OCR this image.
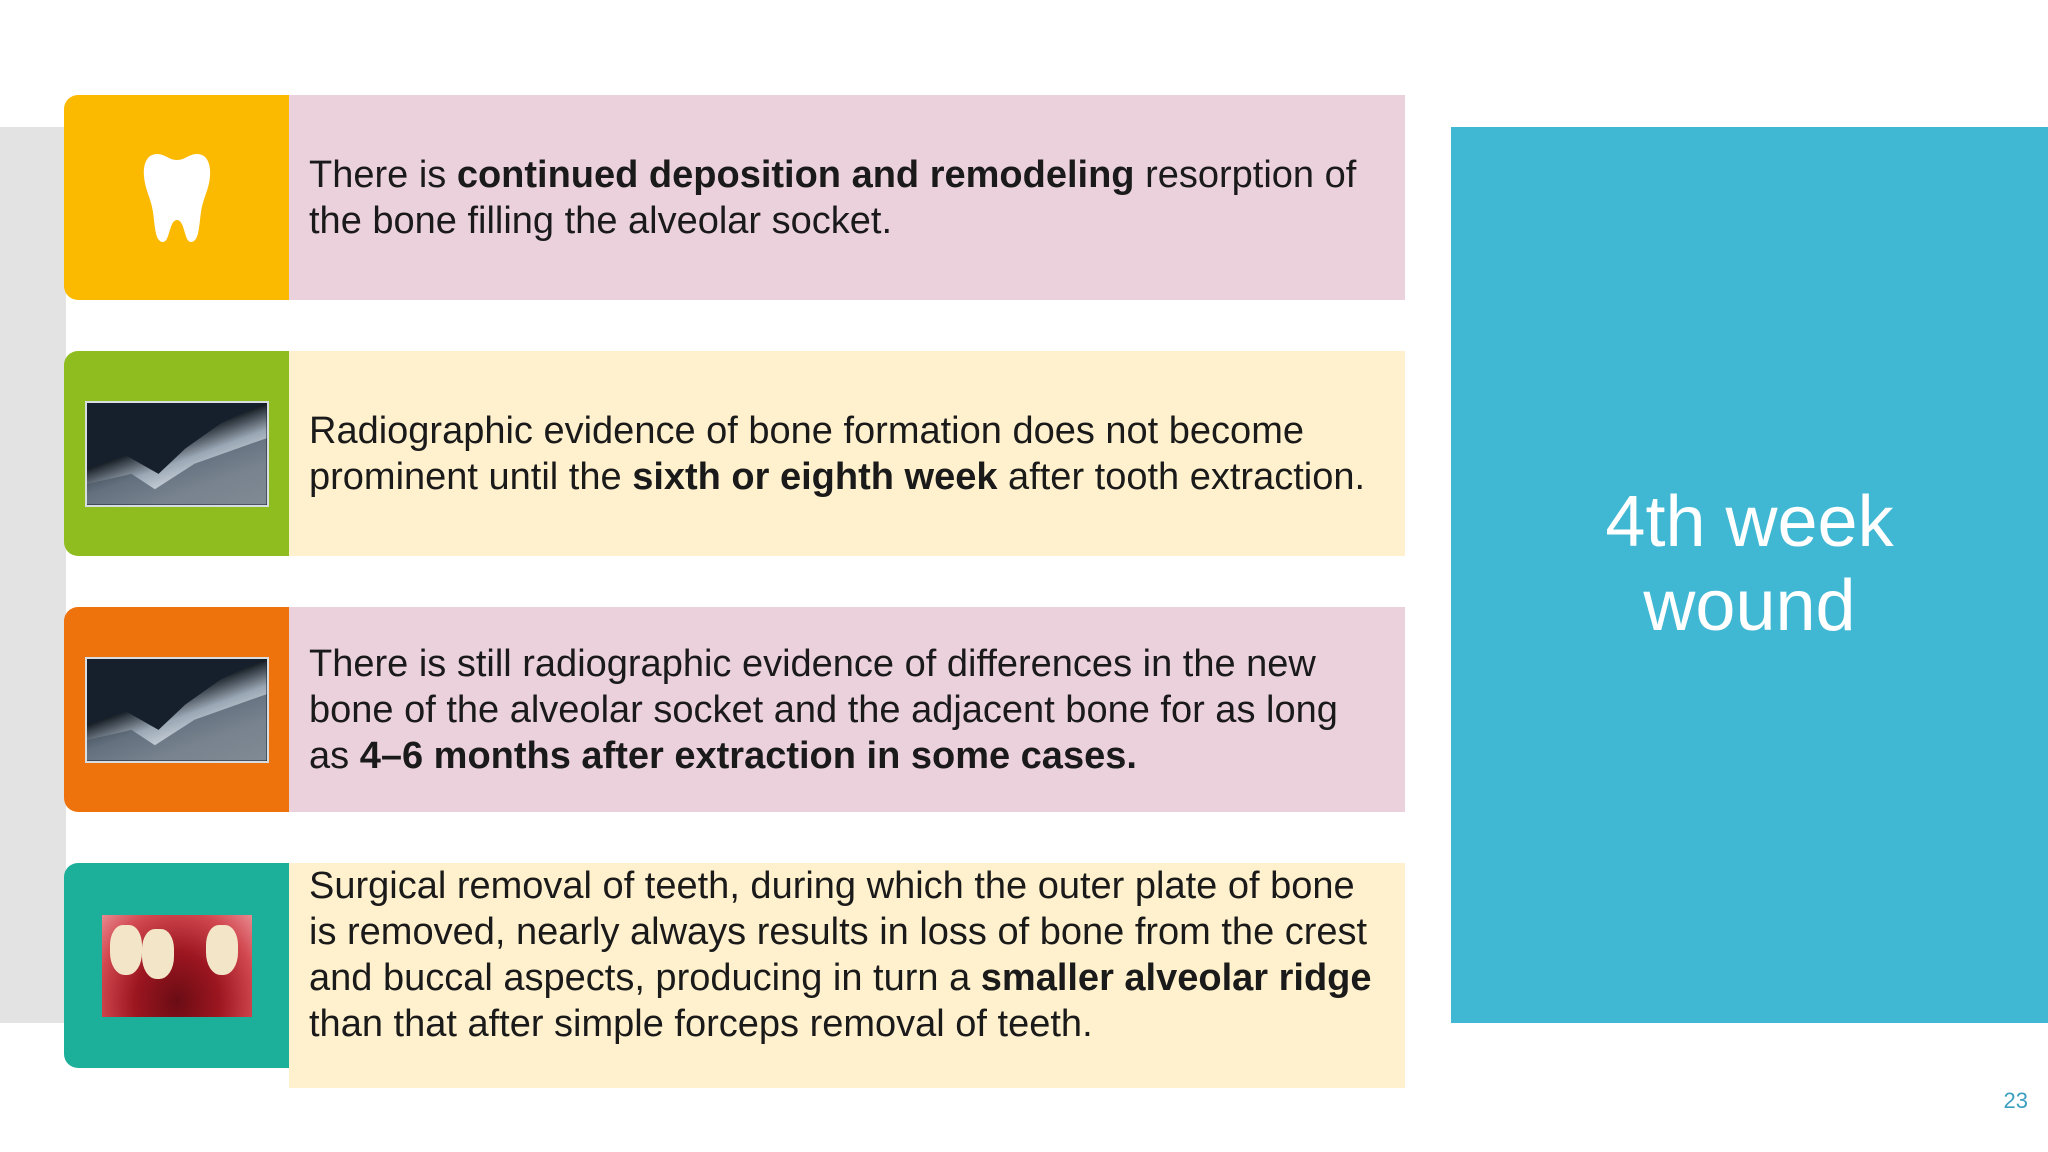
There is continued deposition and remodeling resorption of the bone filling the alveolar socket.

Radiographic evidence of bone formation does not become prominent until the sixth or eighth week after tooth extraction.

There is still radiographic evidence of differences in the new bone of the alveolar socket and the adjacent bone for as long as 4–6 months after extraction in some cases.

Surgical removal of teeth, during which the outer plate of bone is removed, nearly always results in loss of bone from the crest and buccal aspects, producing in turn a smaller alveolar ridge than that after simple forceps removal of teeth.

4th week
wound
23
